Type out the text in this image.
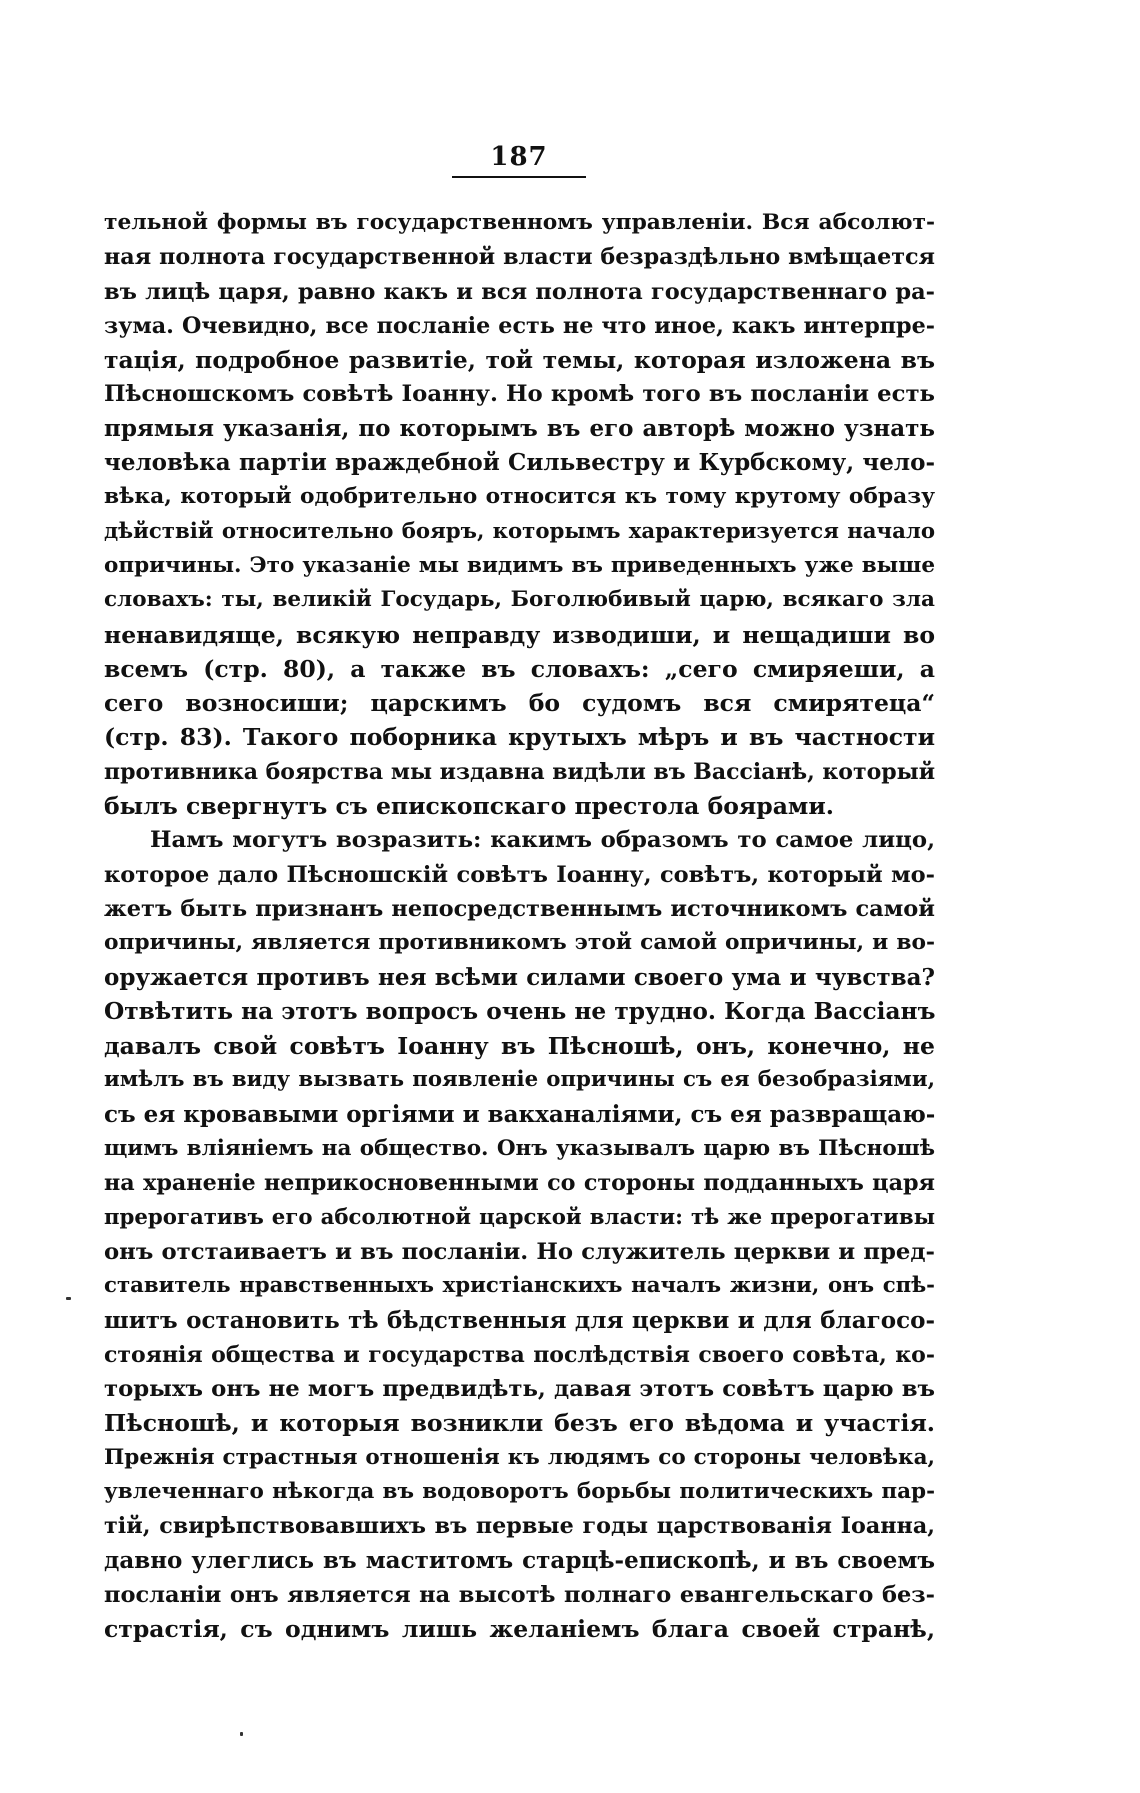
187
тельной формы въ государственномъ управленіи. Вся абсолют-
ная полнота государственной власти безраздѣльно вмѣщается
въ лицѣ царя, равно какъ и вся полнота государственнаго ра-
зума. Очевидно, все посланіе есть не что иное, какъ интерпре-
тація, подробное развитіе, той темы, которая изложена въ
Пѣсношскомъ совѣтѣ Іоанну. Но кромѣ того въ посланіи есть
прямыя указанія, по которымъ въ его авторѣ можно узнать
человѣка партіи враждебной Сильвестру и Курбскому, чело-
вѣка, который одобрительно относится къ тому крутому образу
дѣйствій относительно бояръ, которымъ характеризуется начало
опричины. Это указаніе мы видимъ въ приведенныхъ уже выше
словахъ: ты, великій Государь, Боголюбивый царю, всякаго зла
ненавидяще, всякую неправду изводиши, и нещадиши во
всемъ (стр. 80), а также въ словахъ: „сего смиряеши, а
сего возносиши; царскимъ бо судомъ вся смирятеца“
(стр. 83). Такого поборника крутыхъ мѣръ и въ частности
противника боярства мы издавна видѣли въ Вассіанѣ, который
былъ свергнутъ съ епископскаго престола боярами.
Намъ могутъ возразить: какимъ образомъ то самое лицо,
которое дало Пѣсношскій совѣтъ Іоанну, совѣтъ, который мо-
жетъ быть признанъ непосредственнымъ источникомъ самой
опричины, является противникомъ этой самой опричины, и во-
оружается противъ нея всѣми силами своего ума и чувства?
Отвѣтить на этотъ вопросъ очень не трудно. Когда Вассіанъ
давалъ свой совѣтъ Іоанну въ Пѣсношѣ, онъ, конечно, не
имѣлъ въ виду вызвать появленіе опричины съ ея безобразіями,
съ ея кровавыми оргіями и вакханаліями, съ ея развращаю-
щимъ вліяніемъ на общество. Онъ указывалъ царю въ Пѣсношѣ
на храненіе неприкосновенными со стороны подданныхъ царя
прерогативъ его абсолютной царской власти: тѣ же прерогативы
онъ отстаиваетъ и въ посланіи. Но служитель церкви и пред-
ставитель нравственныхъ христіанскихъ началъ жизни, онъ спѣ-
шитъ остановить тѣ бѣдственныя для церкви и для благосо-
стоянія общества и государства послѣдствія своего совѣта, ко-
торыхъ онъ не могъ предвидѣть, давая этотъ совѣтъ царю въ
Пѣсношѣ, и которыя возникли безъ его вѣдома и участія.
Прежнія страстныя отношенія къ людямъ со стороны человѣка,
увлеченнаго нѣкогда въ водоворотъ борьбы политическихъ пар-
тій, свирѣпствовавшихъ въ первые годы царствованія Іоанна,
давно улеглись въ маститомъ старцѣ-епископѣ, и въ своемъ
посланіи онъ является на высотѣ полнаго евангельскаго без-
страстія, съ однимъ лишь желаніемъ блага своей странѣ,
